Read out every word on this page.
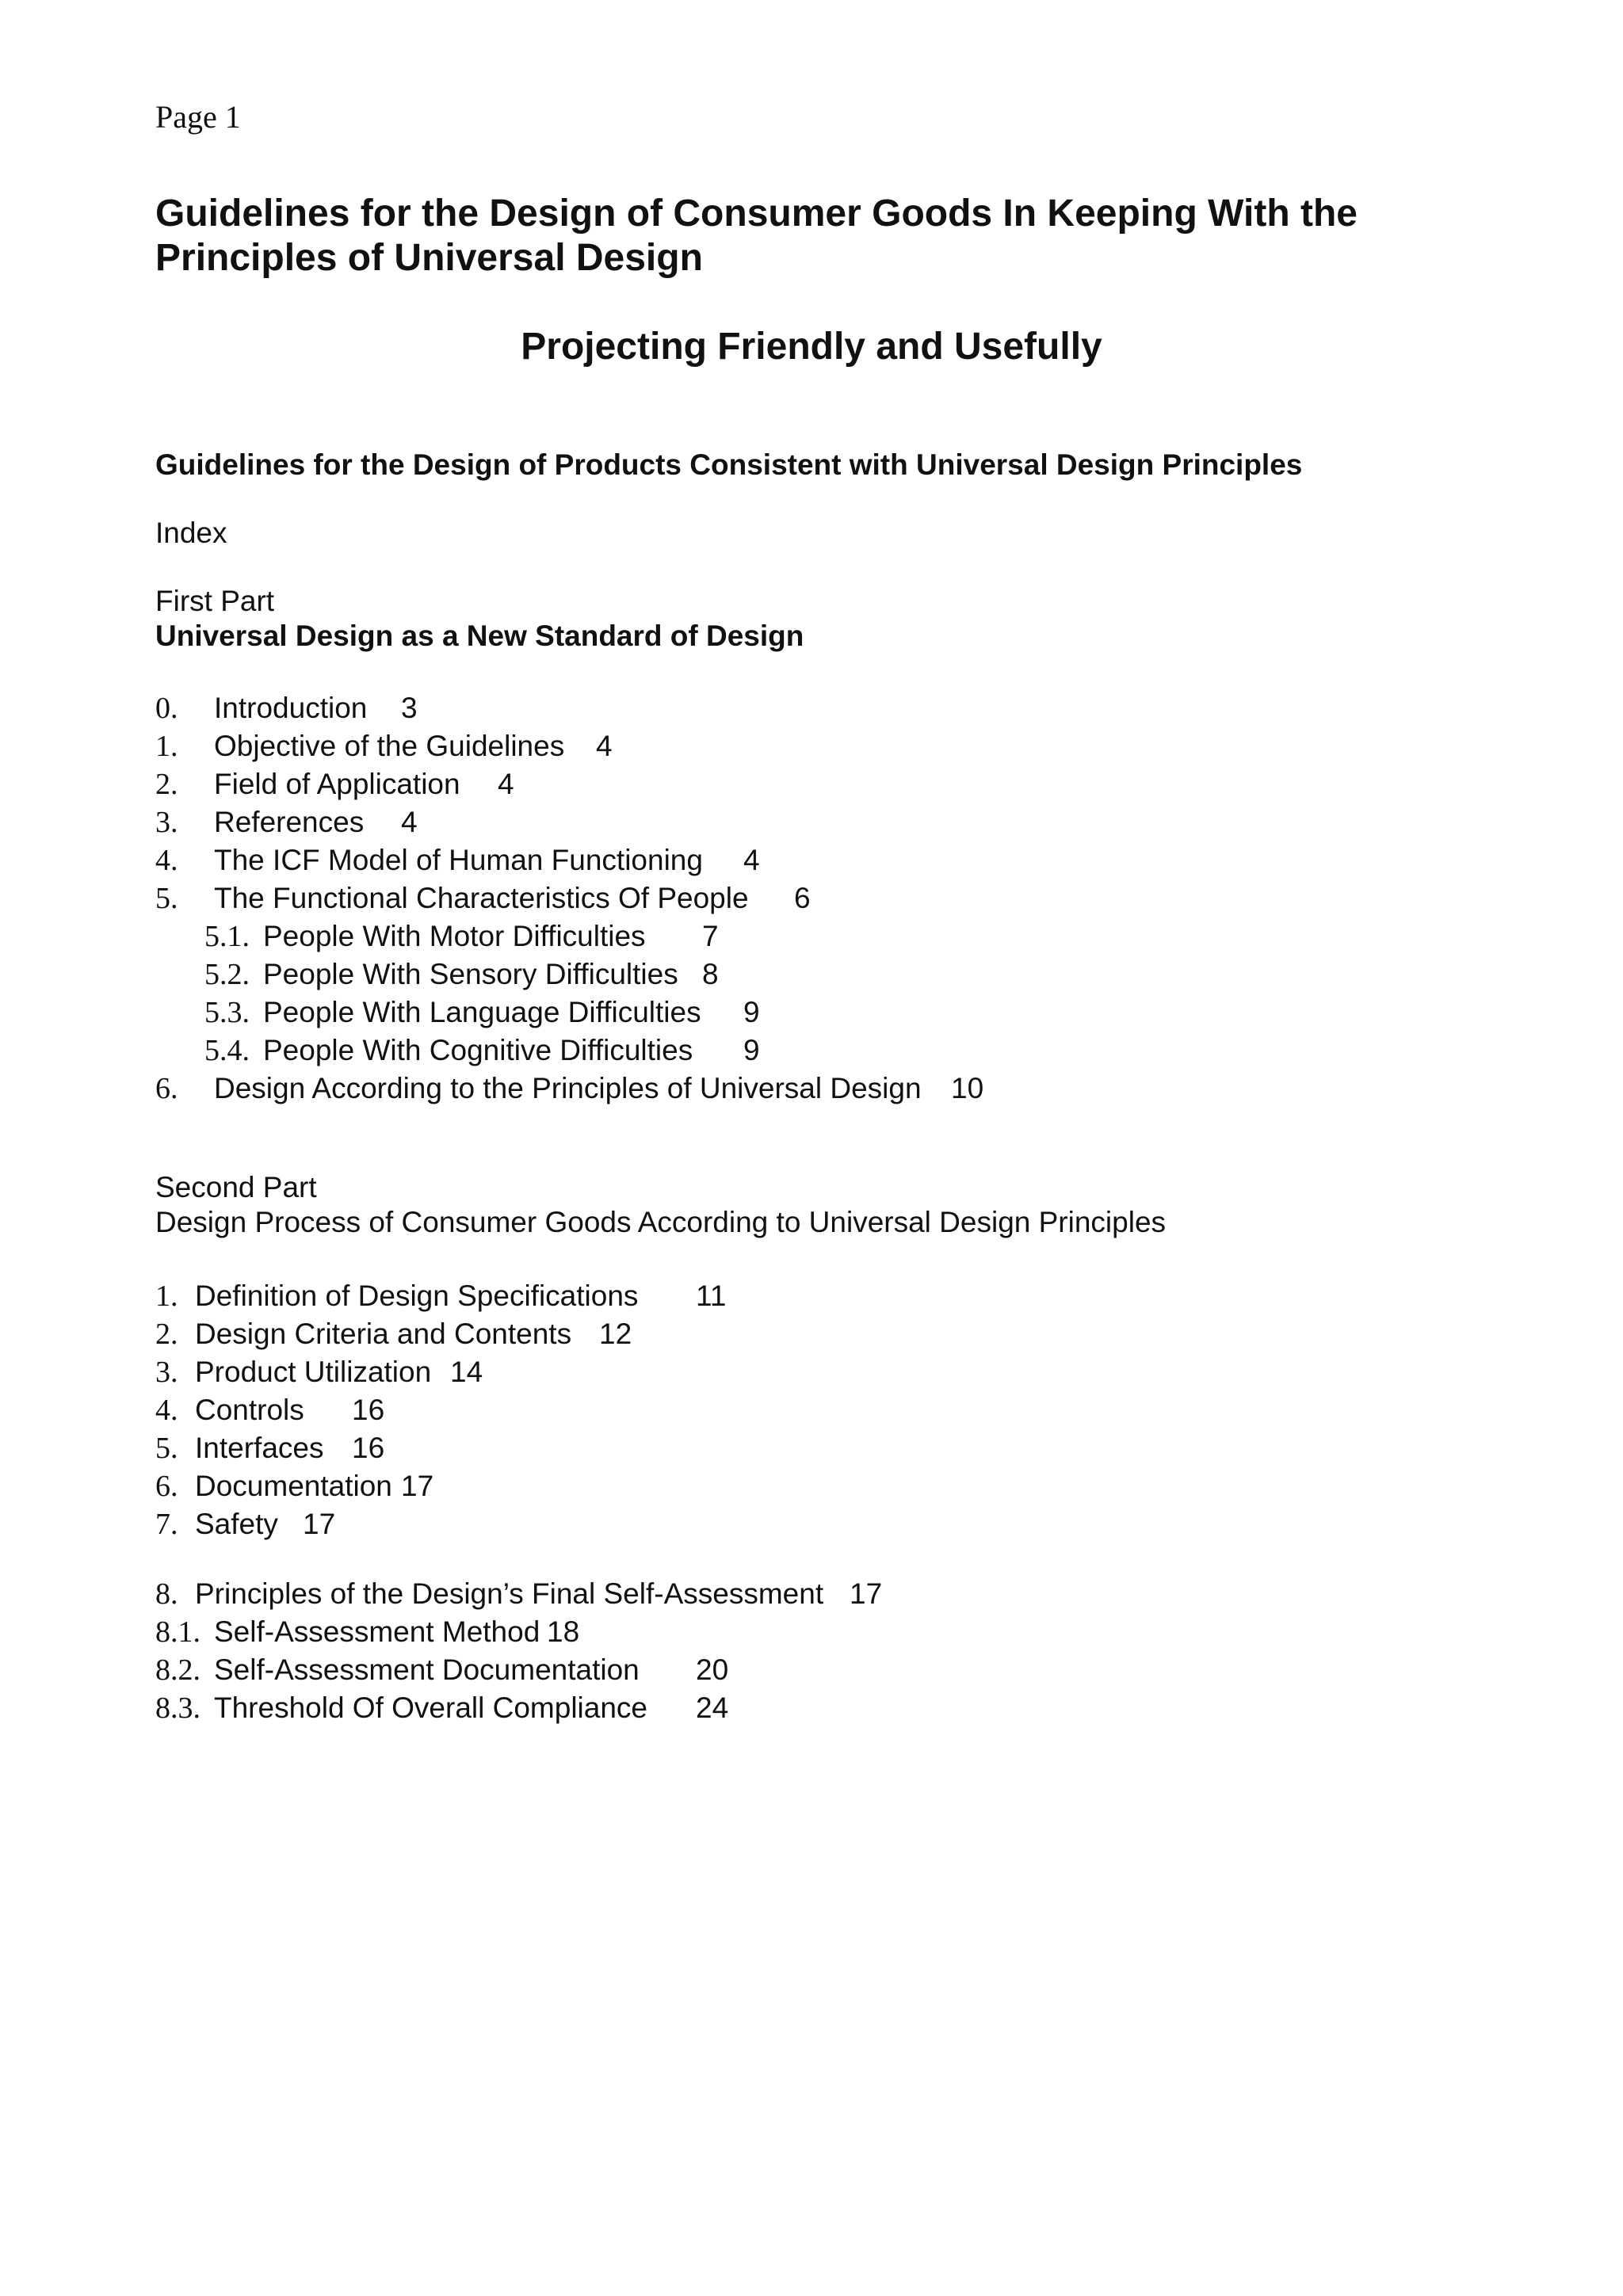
Page 1
Guidelines for the Design of Consumer Goods In Keeping With the Principles of Universal Design
Projecting Friendly and Usefully
Guidelines for the Design of Products Consistent with Universal Design Principles
Index
First Part
Universal Design as a New Standard of Design
0. Introduction 3
1. Objective of the Guidelines 4
2. Field of Application 4
3. References 4
4. The ICF Model of Human Functioning 4
5. The Functional Characteristics Of People 6
5.1. People With Motor Difficulties 7
5.2. People With Sensory Difficulties 8
5.3. People With Language Difficulties 9
5.4. People With Cognitive Difficulties 9
6. Design According to the Principles of Universal Design 10
Second Part
Design Process of Consumer Goods According to Universal Design Principles
1. Definition of Design Specifications 11
2. Design Criteria and Contents 12
3. Product Utilization 14
4. Controls 16
5. Interfaces 16
6. Documentation 17
7. Safety 17
8. Principles of the Design’s Final Self-Assessment 17
8.1. Self-Assessment Method 18
8.2. Self-Assessment Documentation 20
8.3. Threshold Of Overall Compliance 24
